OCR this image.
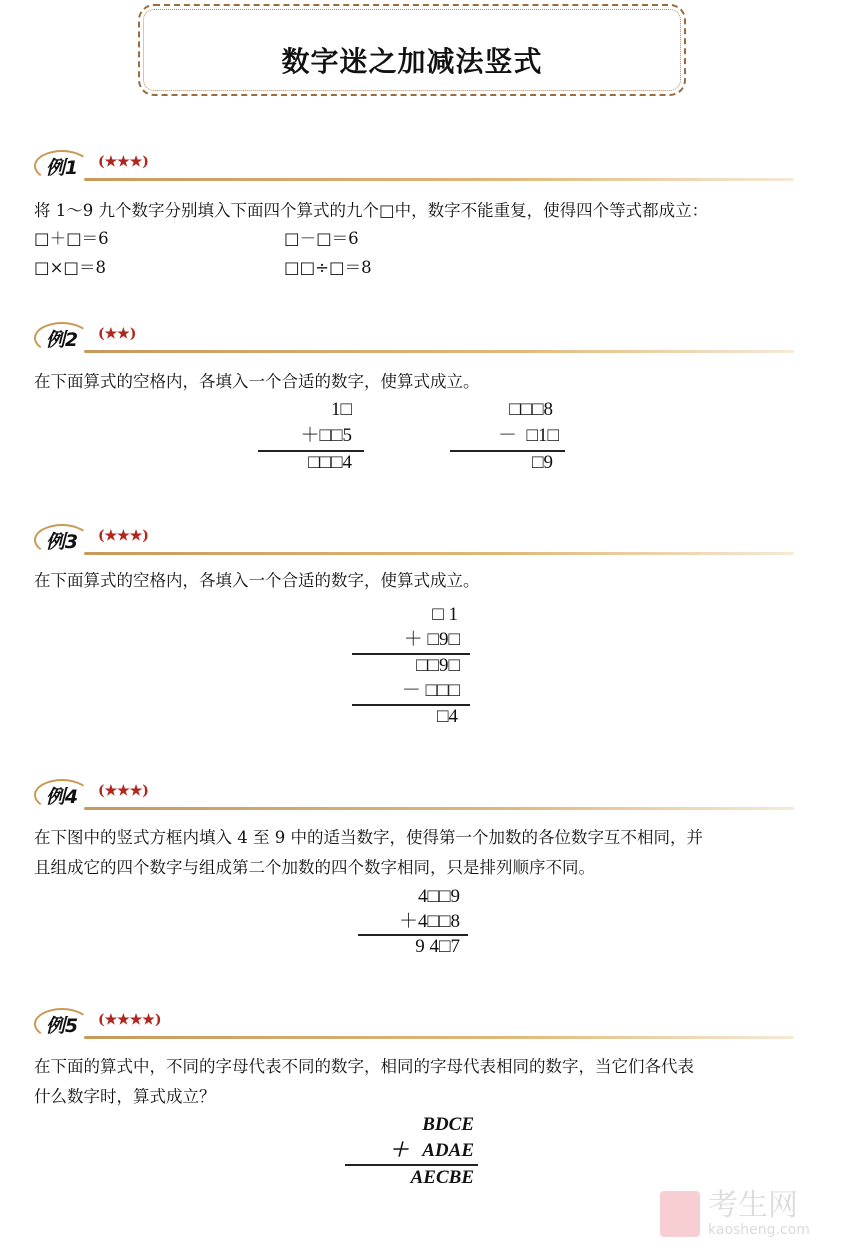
数字迷之加减法竖式
例1	(★★★)
将 1～9 九个数字分别填入下面四个算式的九个□中，数字不能重复，使得四个等式都成立：
□＋□＝6	□－□＝6
□×□＝8	□□÷□＝8
例2	(★★)
在下面算式的空格内，各填入一个合适的数字，使算式成立。
1□
＋□□5
□□□4
□□□8
－  □1□
□9
例3	(★★★)
在下面算式的空格内，各填入一个合适的数字，使算式成立。
□ 1
＋ □9□
□□9□
－ □□□
□4
例4	(★★★)
在下图中的竖式方框内填入 4 至 9 中的适当数字，使得第一个加数的各位数字互不相同，并
且组成它的四个数字与组成第二个加数的四个数字相同，只是排列顺序不同。
4□□9
＋4□□8
9 4□7
例5	(★★★★)
在下面的算式中，不同的字母代表不同的数字，相同的字母代表相同的数字，当它们各代表
什么数字时，算式成立？
BDCE
＋   ADAE
AECBE
考生网
kaosheng.com
